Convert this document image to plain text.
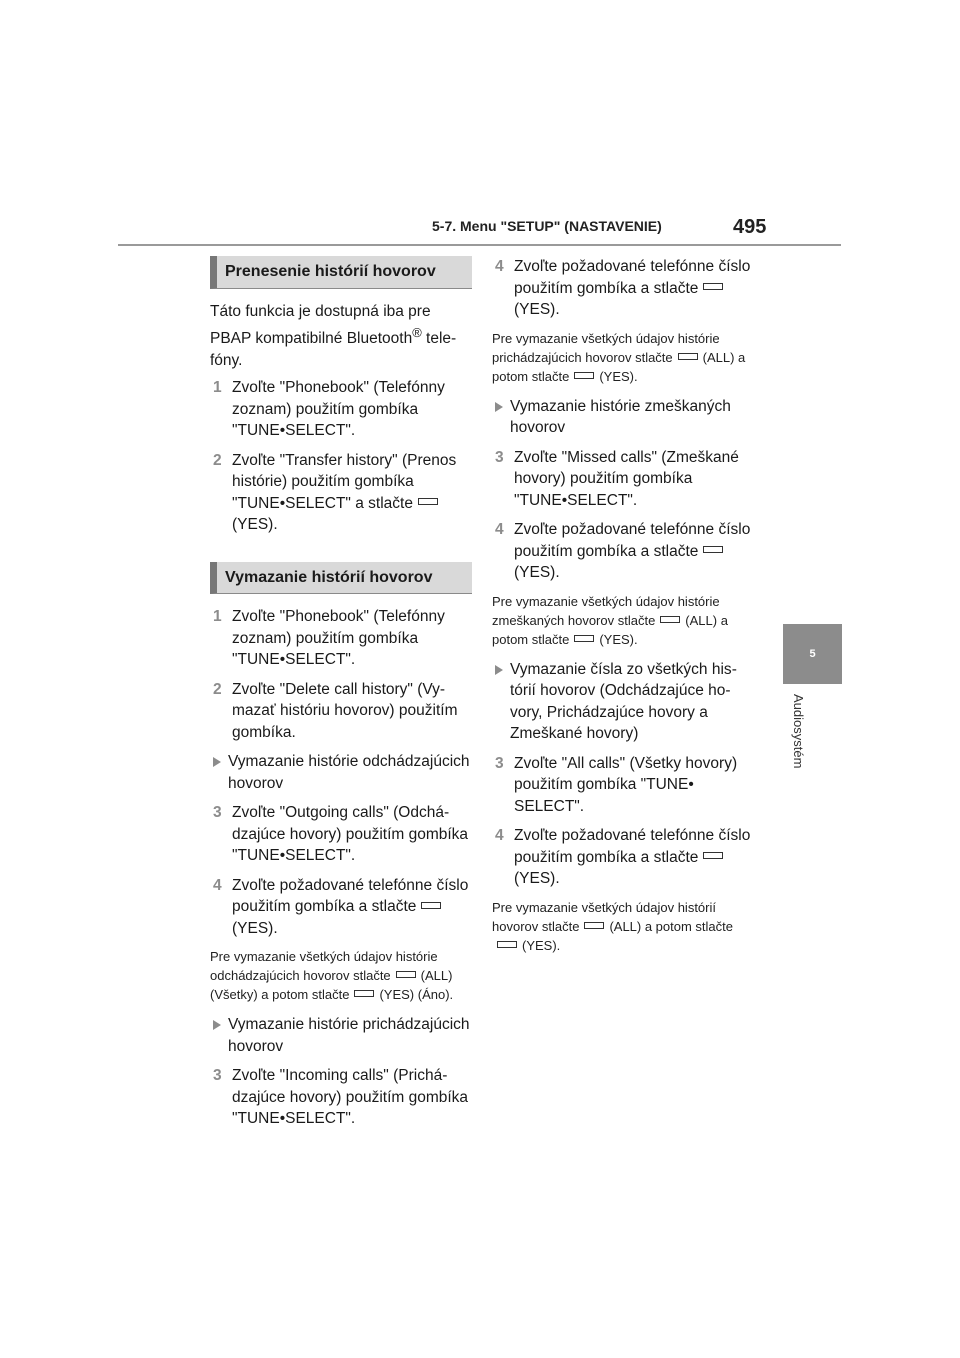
5-7. Menu "SETUP" (NASTAVENIE)	495
5
Audiosystém
Prenesenie histórií hovorov

Táto funkcia je dostupná iba pre PBAP kompatibilné Bluetooth® telefóny.

1 Zvoľte "Phonebook" (Telefónny zoznam) použitím gombíka "TUNE•SELECT".
2 Zvoľte "Transfer history" (Prenos histórie) použitím gombíka "TUNE•SELECT" a stlačte(YES).
Vymazanie histórií hovorov
1 Zvoľte "Phonebook" (Telefónny zoznam) použitím gombíka "TUNE•SELECT".
2 Zvoľte "Delete call history" (Vymazať históriu hovorov) použitím gombíka.
Vymazanie histórie odchádzajúcich hovorov
3 Zvoľte "Outgoing calls" (Odchádzajúce hovory) použitím gombíka "TUNE•SELECT".
4 Zvoľte požadované telefónne číslo použitím gombíka a stlačte(YES).

Pre vymazanie všetkých údajov histórie odchádzajúcich hovorov stlačte (ALL) (Všetky) a potom stlačte (YES) (Áno).

Vymazanie histórie prichádzajúcich hovorov
3 Zvoľte "Incoming calls" (Prichádzajúce hovory) použitím gombíka "TUNE•SELECT".
4 Zvoľte požadované telefónne číslo použitím gombíka a stlačte(YES).

Pre vymazanie všetkých údajov histórie prichádzajúcich hovorov stlačte (ALL) a potom stlačte (YES).

Vymazanie histórie zmeškaných hovorov
3 Zvoľte "Missed calls" (Zmeškané hovory) použitím gombíka "TUNE•SELECT".
4 Zvoľte požadované telefónne číslo použitím gombíka a stlačte(YES).

Pre vymazanie všetkých údajov histórie zmeškaných hovorov stlačte (ALL) a potom stlačte (YES).

Vymazanie čísla zo všetkých histórií hovorov (Odchádzajúce hovory, Prichádzajúce hovory a Zmeškané hovory)
3 Zvoľte "All calls" (Všetky hovory) použitím gombíka "TUNE• SELECT".
4 Zvoľte požadované telefónne číslo použitím gombíka a stlačte(YES).

Pre vymazanie všetkých údajov histórií hovorov stlačte (ALL) a potom stlačte(YES).
